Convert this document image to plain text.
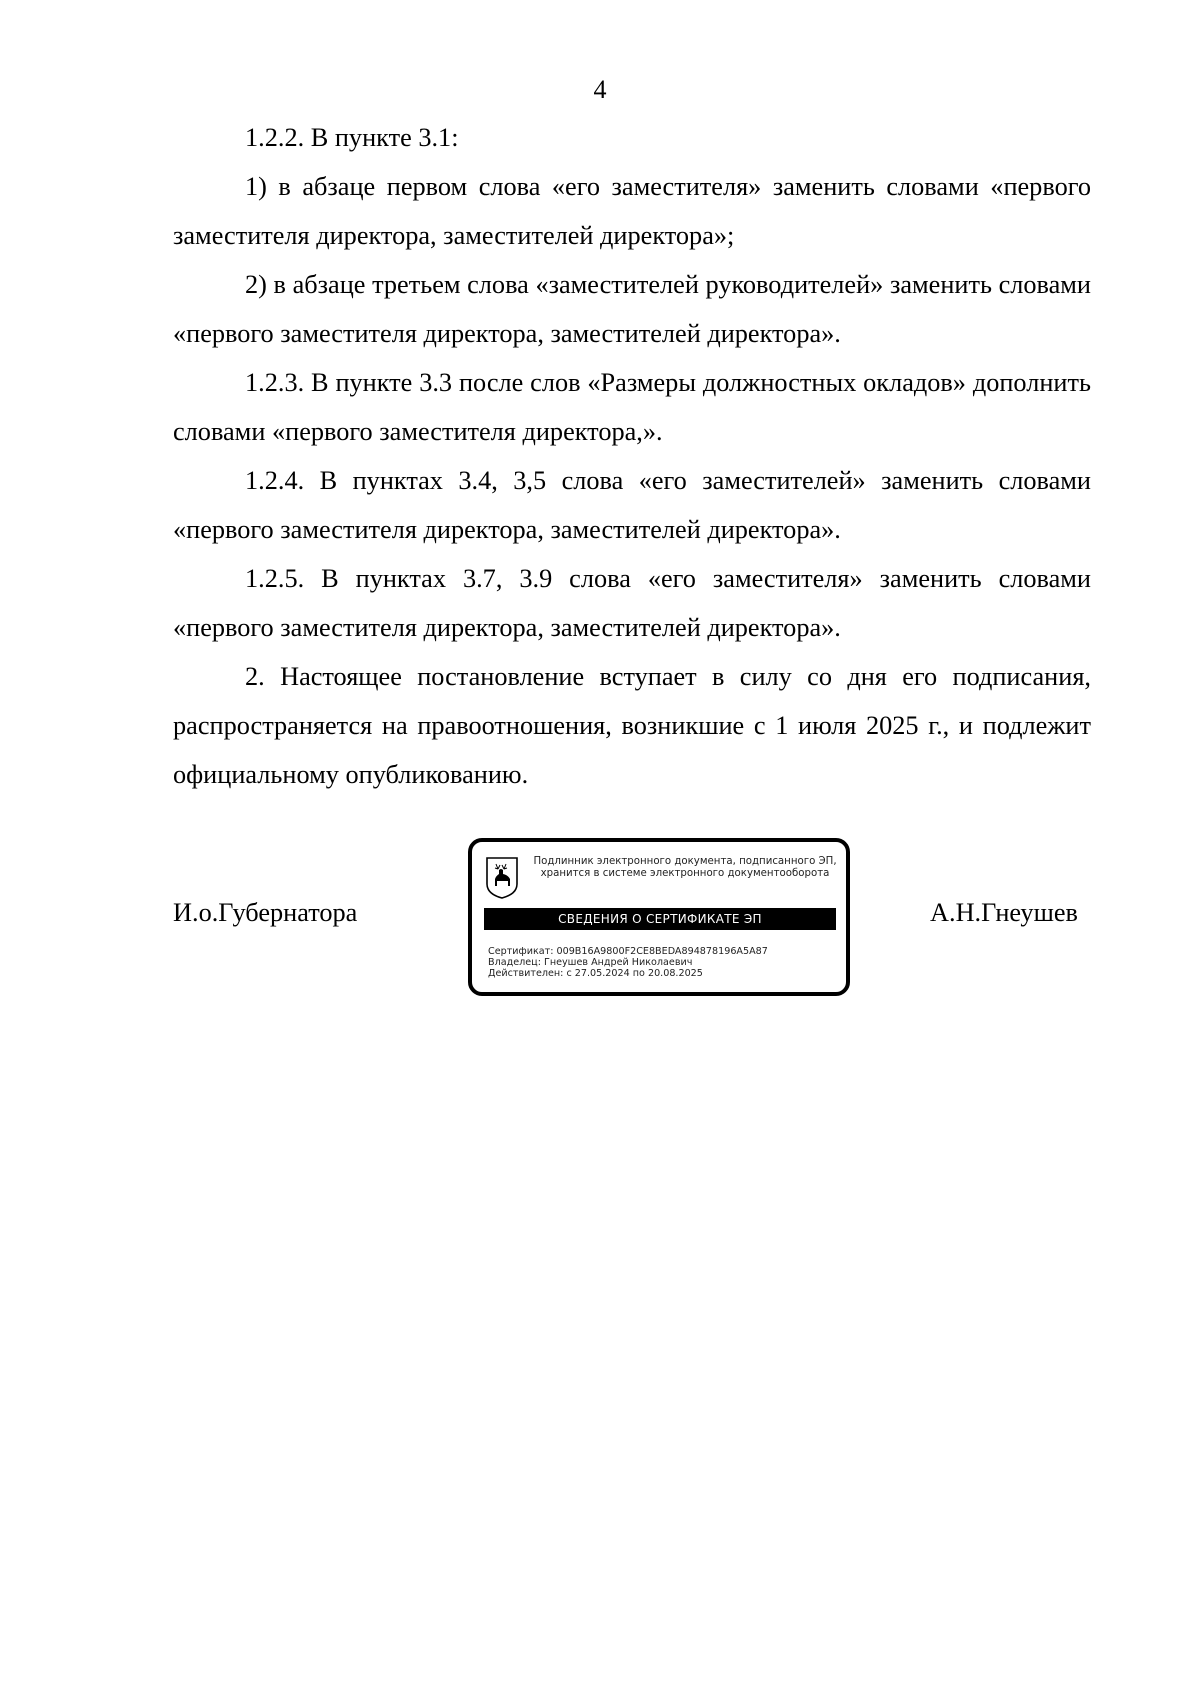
4

1.2.2. В пункте 3.1:

1) в абзаце первом слова «его заместителя» заменить словами «первого заместителя директора, заместителей директора»;

2) в абзаце третьем слова «заместителей руководителей» заменить словами «первого заместителя директора, заместителей директора».

1.2.3. В пункте 3.3 после слов «Размеры должностных окладов» дополнить словами «первого заместителя директора,».

1.2.4. В пунктах 3.4, 3,5 слова «его заместителей» заменить словами «первого заместителя директора, заместителей директора».

1.2.5. В пунктах 3.7, 3.9 слова «его заместителя» заменить словами «первого заместителя директора, заместителей директора».

2. Настоящее постановление вступает в силу со дня его подписания, распространяется на правоотношения, возникшие с 1 июля 2025 г., и подлежит официальному опубликованию.

И.о.Губернатора	А.Н.Гнеушев
Подлинник электронного документа, подписанного ЭП,
хранится в системе электронного документооборота
СВЕДЕНИЯ О СЕРТИФИКАТЕ ЭП
Сертификат: 009B16A9800F2CE8BEDA894878196A5A87
Владелец: Гнеушев Андрей Николаевич
Действителен: с 27.05.2024 по 20.08.2025
